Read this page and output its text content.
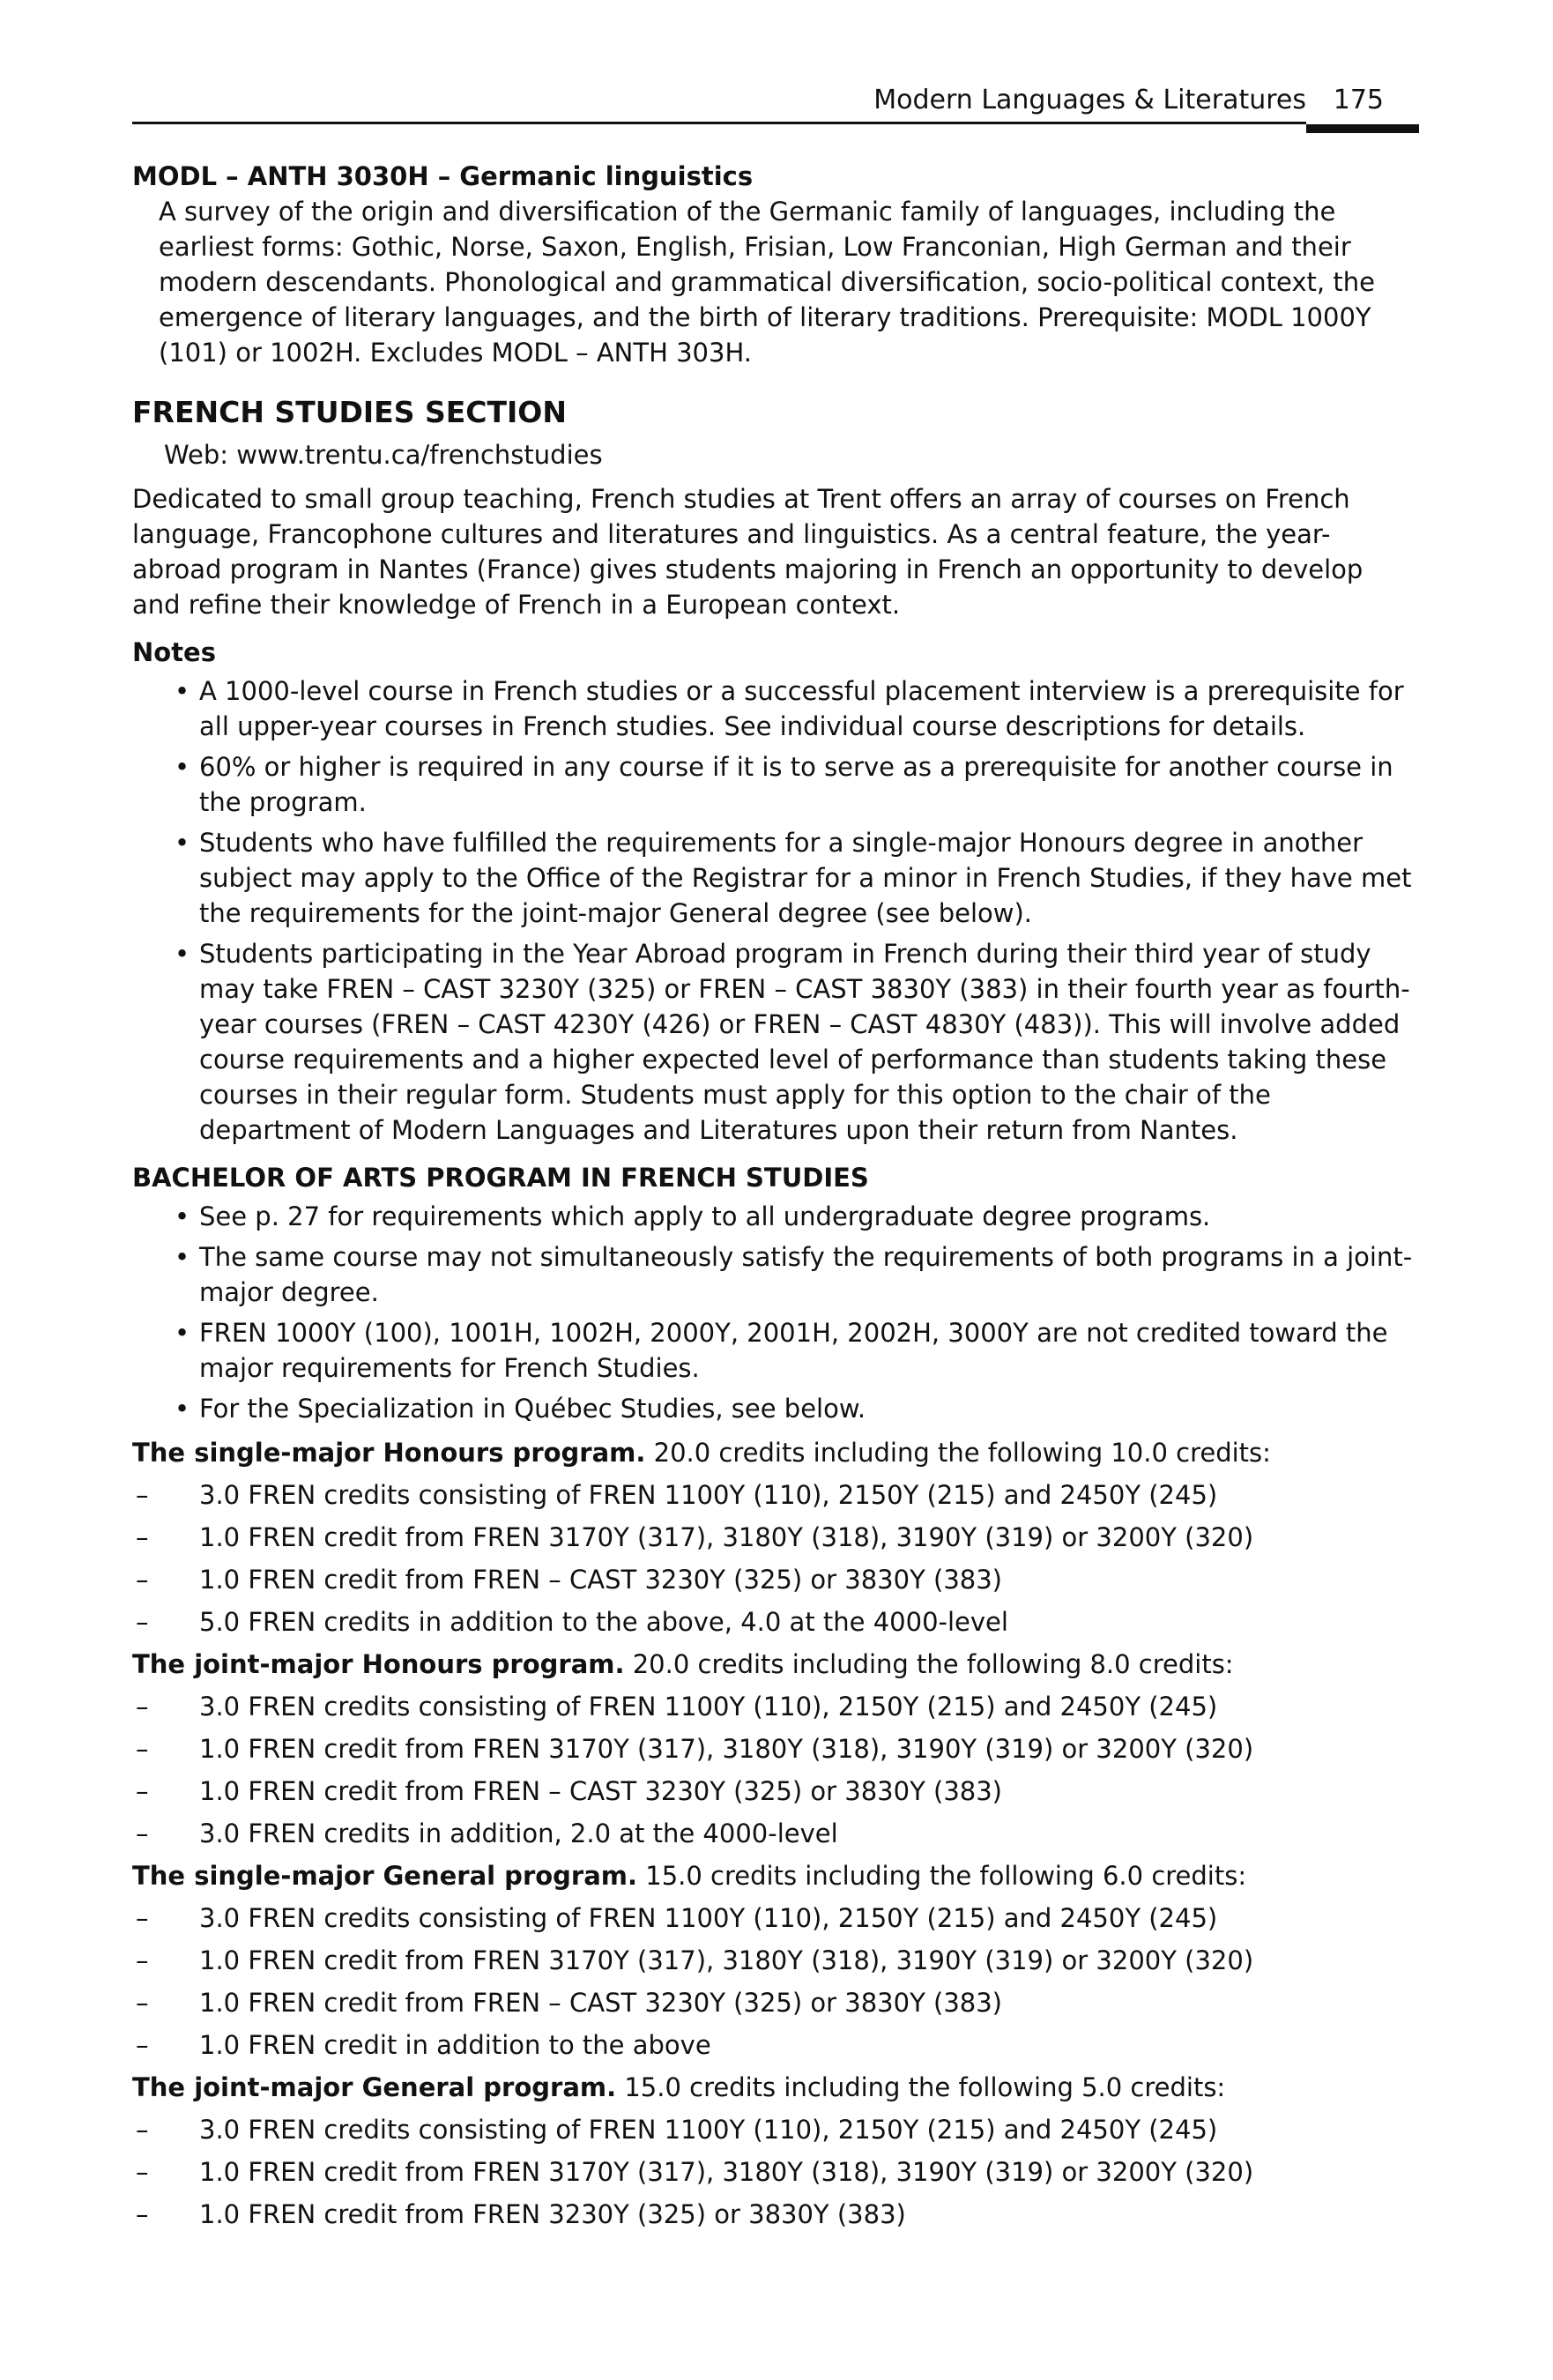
Modern Languages & Literatures 175

MODL – ANTH 3030H – Germanic linguistics

A survey of the origin and diversification of the Germanic family of languages, including the earliest forms: Gothic, Norse, Saxon, English, Frisian, Low Franconian, High German and their modern descendants. Phonological and grammatical diversification, socio-political context, the emergence of literary languages, and the birth of literary traditions. Prerequisite: MODL 1000Y (101) or 1002H. Excludes MODL – ANTH 303H.

FRENCH STUDIES SECTION

Web: www.trentu.ca/frenchstudies

Dedicated to small group teaching, French studies at Trent offers an array of courses on French language, Francophone cultures and literatures and linguistics. As a central feature, the year-abroad program in Nantes (France) gives students majoring in French an opportunity to develop and refine their knowledge of French in a European context.

Notes
• A 1000-level course in French studies or a successful placement interview is a prerequisite for all upper-year courses in French studies. See individual course descriptions for details.
• 60% or higher is required in any course if it is to serve as a prerequisite for another course in the program.
• Students who have fulfilled the requirements for a single-major Honours degree in another subject may apply to the Office of the Registrar for a minor in French Studies, if they have met the requirements for the joint-major General degree (see below).
• Students participating in the Year Abroad program in French during their third year of study may take FREN – CAST 3230Y (325) or FREN – CAST 3830Y (383) in their fourth year as fourth-year courses (FREN – CAST 4230Y (426) or FREN – CAST 4830Y (483)). This will involve added course requirements and a higher expected level of performance than students taking these courses in their regular form. Students must apply for this option to the chair of the department of Modern Languages and Literatures upon their return from Nantes.
BACHELOR OF ARTS PROGRAM IN FRENCH STUDIES
• See p. 27 for requirements which apply to all undergraduate degree programs.
• The same course may not simultaneously satisfy the requirements of both programs in a joint-major degree.
• FREN 1000Y (100), 1001H, 1002H, 2000Y, 2001H, 2002H, 3000Y are not credited toward the major requirements for French Studies.
• For the Specialization in Québec Studies, see below.

The single-major Honours program. 20.0 credits including the following 10.0 credits:

– 3.0 FREN credits consisting of FREN 1100Y (110), 2150Y (215) and 2450Y (245)
– 1.0 FREN credit from FREN 3170Y (317), 3180Y (318), 3190Y (319) or 3200Y (320)
– 1.0 FREN credit from FREN – CAST 3230Y (325) or 3830Y (383)
– 5.0 FREN credits in addition to the above, 4.0 at the 4000-level

The joint-major Honours program. 20.0 credits including the following 8.0 credits:

– 3.0 FREN credits consisting of FREN 1100Y (110), 2150Y (215) and 2450Y (245)
– 1.0 FREN credit from FREN 3170Y (317), 3180Y (318), 3190Y (319) or 3200Y (320)
– 1.0 FREN credit from FREN – CAST 3230Y (325) or 3830Y (383)
– 3.0 FREN credits in addition, 2.0 at the 4000-level

The single-major General program. 15.0 credits including the following 6.0 credits:

– 3.0 FREN credits consisting of FREN 1100Y (110), 2150Y (215) and 2450Y (245)
– 1.0 FREN credit from FREN 3170Y (317), 3180Y (318), 3190Y (319) or 3200Y (320)
– 1.0 FREN credit from FREN – CAST 3230Y (325) or 3830Y (383)
– 1.0 FREN credit in addition to the above

The joint-major General program. 15.0 credits including the following 5.0 credits:

– 3.0 FREN credits consisting of FREN 1100Y (110), 2150Y (215) and 2450Y (245)
– 1.0 FREN credit from FREN 3170Y (317), 3180Y (318), 3190Y (319) or 3200Y (320)
– 1.0 FREN credit from FREN 3230Y (325) or 3830Y (383)
